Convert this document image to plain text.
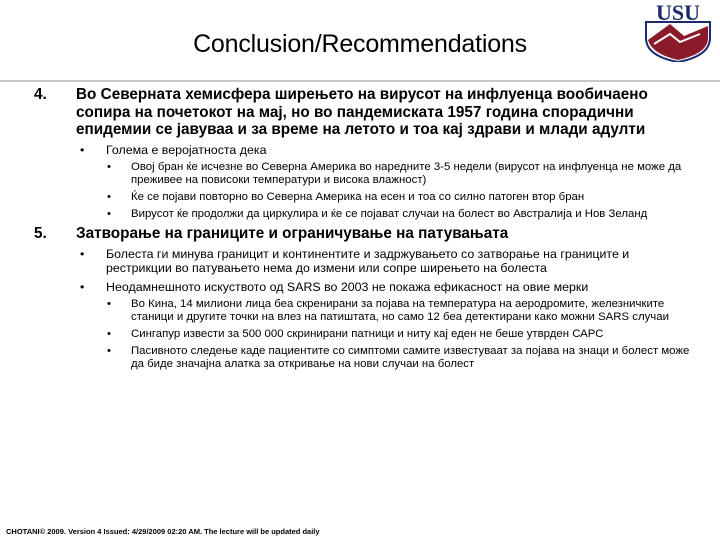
Conclusion/Recommendations
USU
4. Во Северната хемисфера ширењето на вирусот на инфлуенца вообичаено сопира на почетокот на мај, но во пандемиската 1957 година спорадични епидемии се јавуваа и за време на летото и тоа кај здрави и млади адулти
• Голема е веројатноста дека
• Овој бран ќе исчезне во Северна Америка во наредните 3-5 недели (вирусот на инфлуенца не може да преживее на повисоки температури и висока влажност)
• Ќе се појави повторно во Северна Америка на есен и тоа со силно патоген втор бран
• Вирусот ќе продолжи да циркулира и ќе се појават случаи на болест во Австралија и Нов Зеланд
5. Затворање на границите и ограничување на патувањата
• Болеста ги минува границит и континентите и задржувањето со затворање на границите и рестрикции во патувањето нема до измени или сопре ширењето на болеста
• Неодамнешното искуството од SARS во 2003 не покажа ефикасност на овие мерки
• Во Кина, 14 милиони лица беа скренирани за појава на температура на аеродромите, железничките станици и другите точки на влез на патиштата, но само 12 беа детектирани како можни SARS случаи
• Сингапур извести за 500 000 скринирани патници и ниту кај еден не беше утврден САРС
• Пасивното следење каде пациентите со симптоми самите известуваат за појава на знаци и болест може да биде значајна алатка за откривање на нови случаи на болест
CHOTANI© 2009. Version 4 Issued: 4/29/2009 02:20 AM. The lecture will be updated daily
